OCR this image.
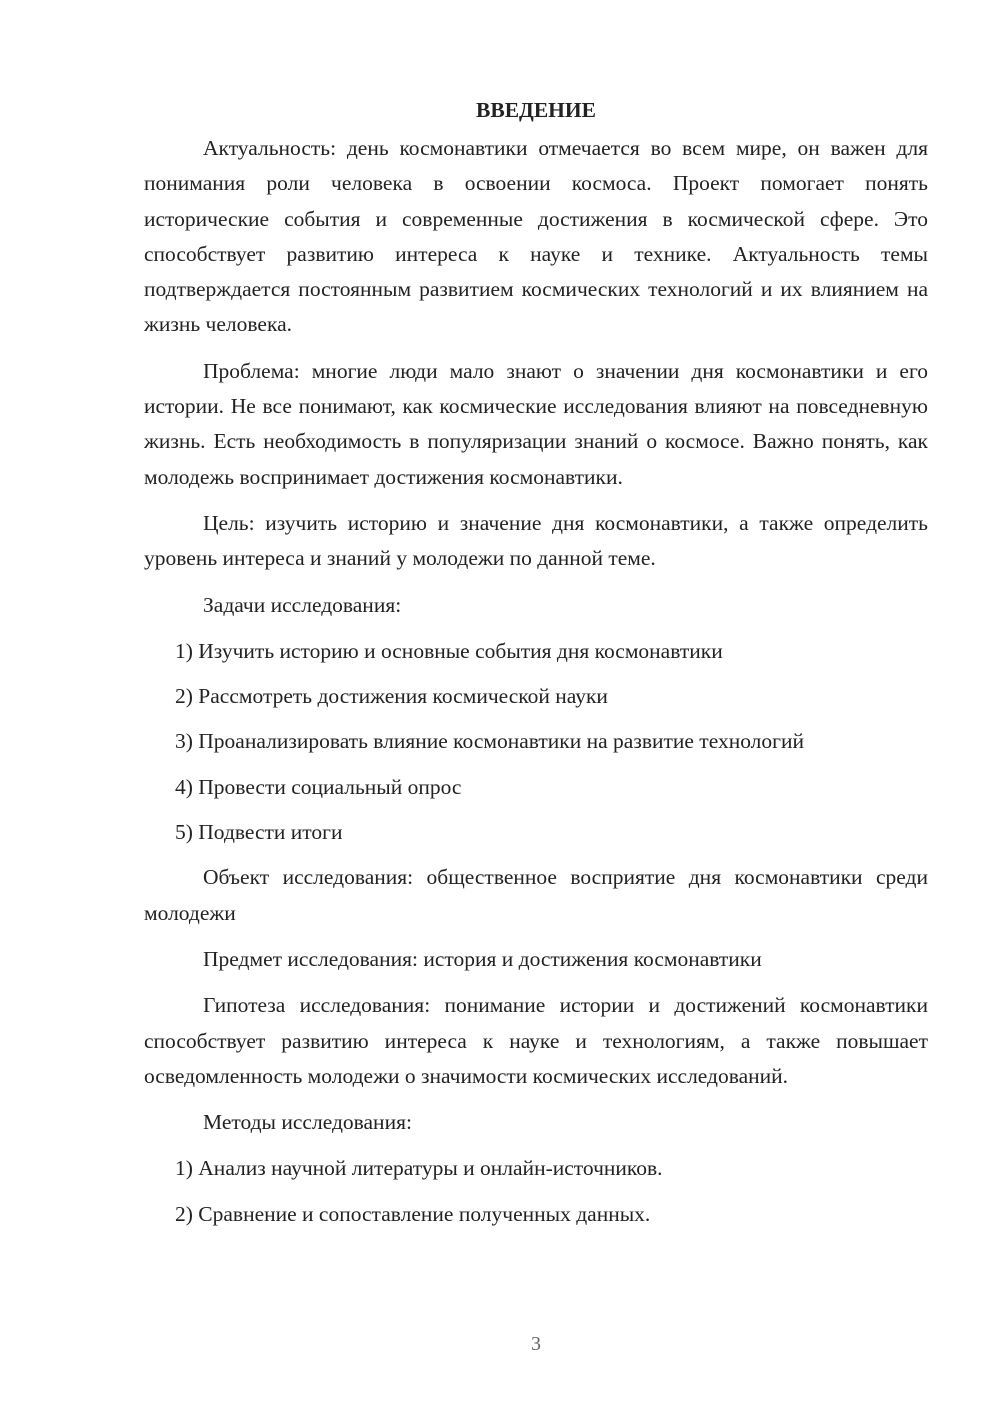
ВВЕДЕНИЕ

Актуальность: день космонавтики отмечается во всем мире, он важен для понимания роли человека в освоении космоса. Проект помогает понять исторические события и современные достижения в космической сфере. Это способствует развитию интереса к науке и технике. Актуальность темы подтверждается постоянным развитием космических технологий и их влиянием на жизнь человека.

Проблема: многие люди мало знают о значении дня космонавтики и его истории. Не все понимают, как космические исследования влияют на повседневную жизнь. Есть необходимость в популяризации знаний о космосе. Важно понять, как молодежь воспринимает достижения космонавтики.

Цель: изучить историю и значение дня космонавтики, а также определить уровень интереса и знаний у молодежи по данной теме.

Задачи исследования:

1) Изучить историю и основные события дня космонавтики

2) Рассмотреть достижения космической науки

3) Проанализировать влияние космонавтики на развитие технологий

4) Провести социальный опрос

5) Подвести итоги

Объект исследования: общественное восприятие дня космонавтики среди молодежи

Предмет исследования: история и достижения космонавтики

Гипотеза исследования: понимание истории и достижений космонавтики способствует развитию интереса к науке и технологиям, а также повышает осведомленность молодежи о значимости космических исследований.

Методы исследования:

1) Анализ научной литературы и онлайн-источников.

2) Сравнение и сопоставление полученных данных.

3
